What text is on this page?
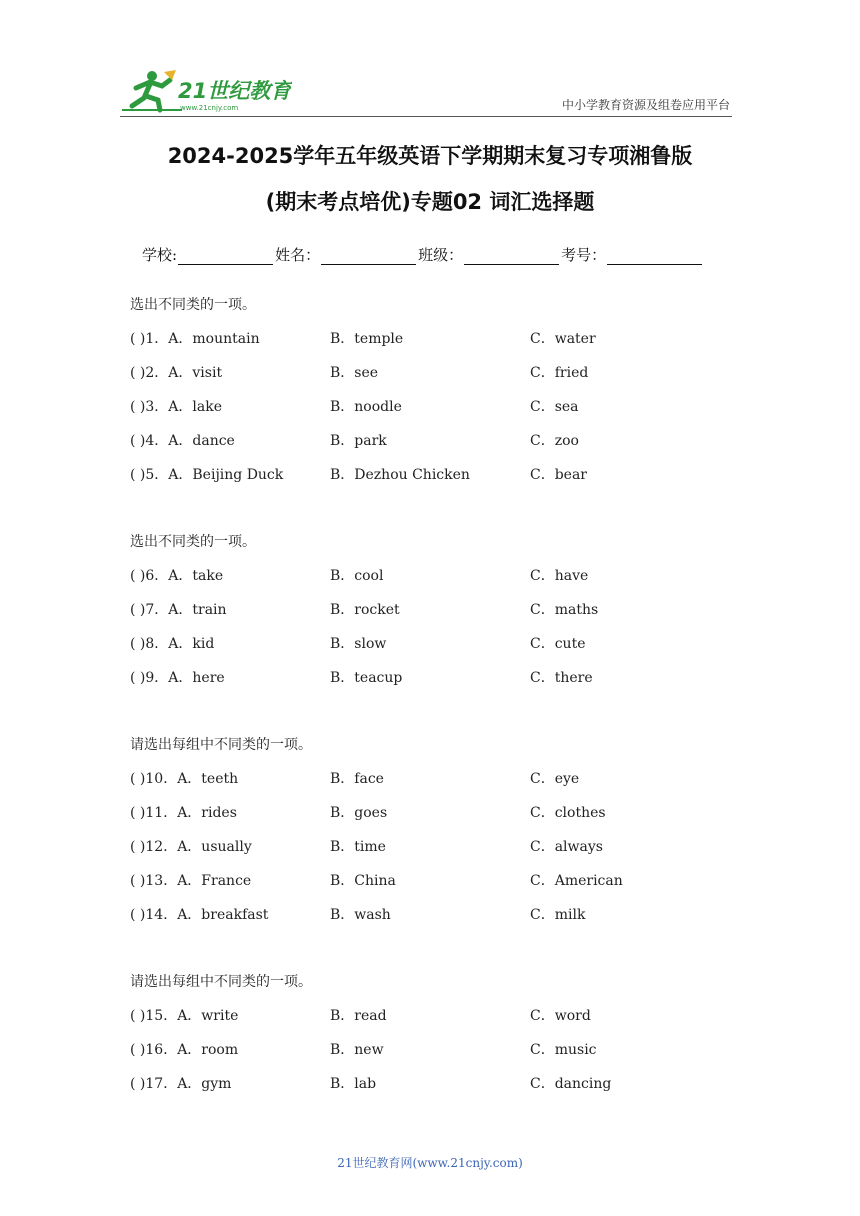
21世纪教育
www.21cnjy.com	中小学教育资源及组卷应用平台
2024-2025学年五年级英语下学期期末复习专项湘鲁版
(期末考点培优)专题02 词汇选择题
学校:	姓名：	班级：	考号：
选出不同类的一项。
( )1．A．mountain	B．temple	C．water
( )2．A．visit	B．see	C．fried
( )3．A．lake	B．noodle	C．sea
( )4．A．dance	B．park	C．zoo
( )5．A．Beijing Duck	B．Dezhou Chicken	C．bear
选出不同类的一项。
( )6．A．take	B．cool	C．have
( )7．A．train	B．rocket	C．maths
( )8．A．kid	B．slow	C．cute
( )9．A．here	B．teacup	C．there
请选出每组中不同类的一项。
( )10．A．teeth	B．face	C．eye
( )11．A．rides	B．goes	C．clothes
( )12．A．usually	B．time	C．always
( )13．A．France	B．China	C．American
( )14．A．breakfast	B．wash	C．milk
请选出每组中不同类的一项。
( )15．A．write	B．read	C．word
( )16．A．room	B．new	C．music
( )17．A．gym	B．lab	C．dancing
21世纪教育网(www.21cnjy.com)
